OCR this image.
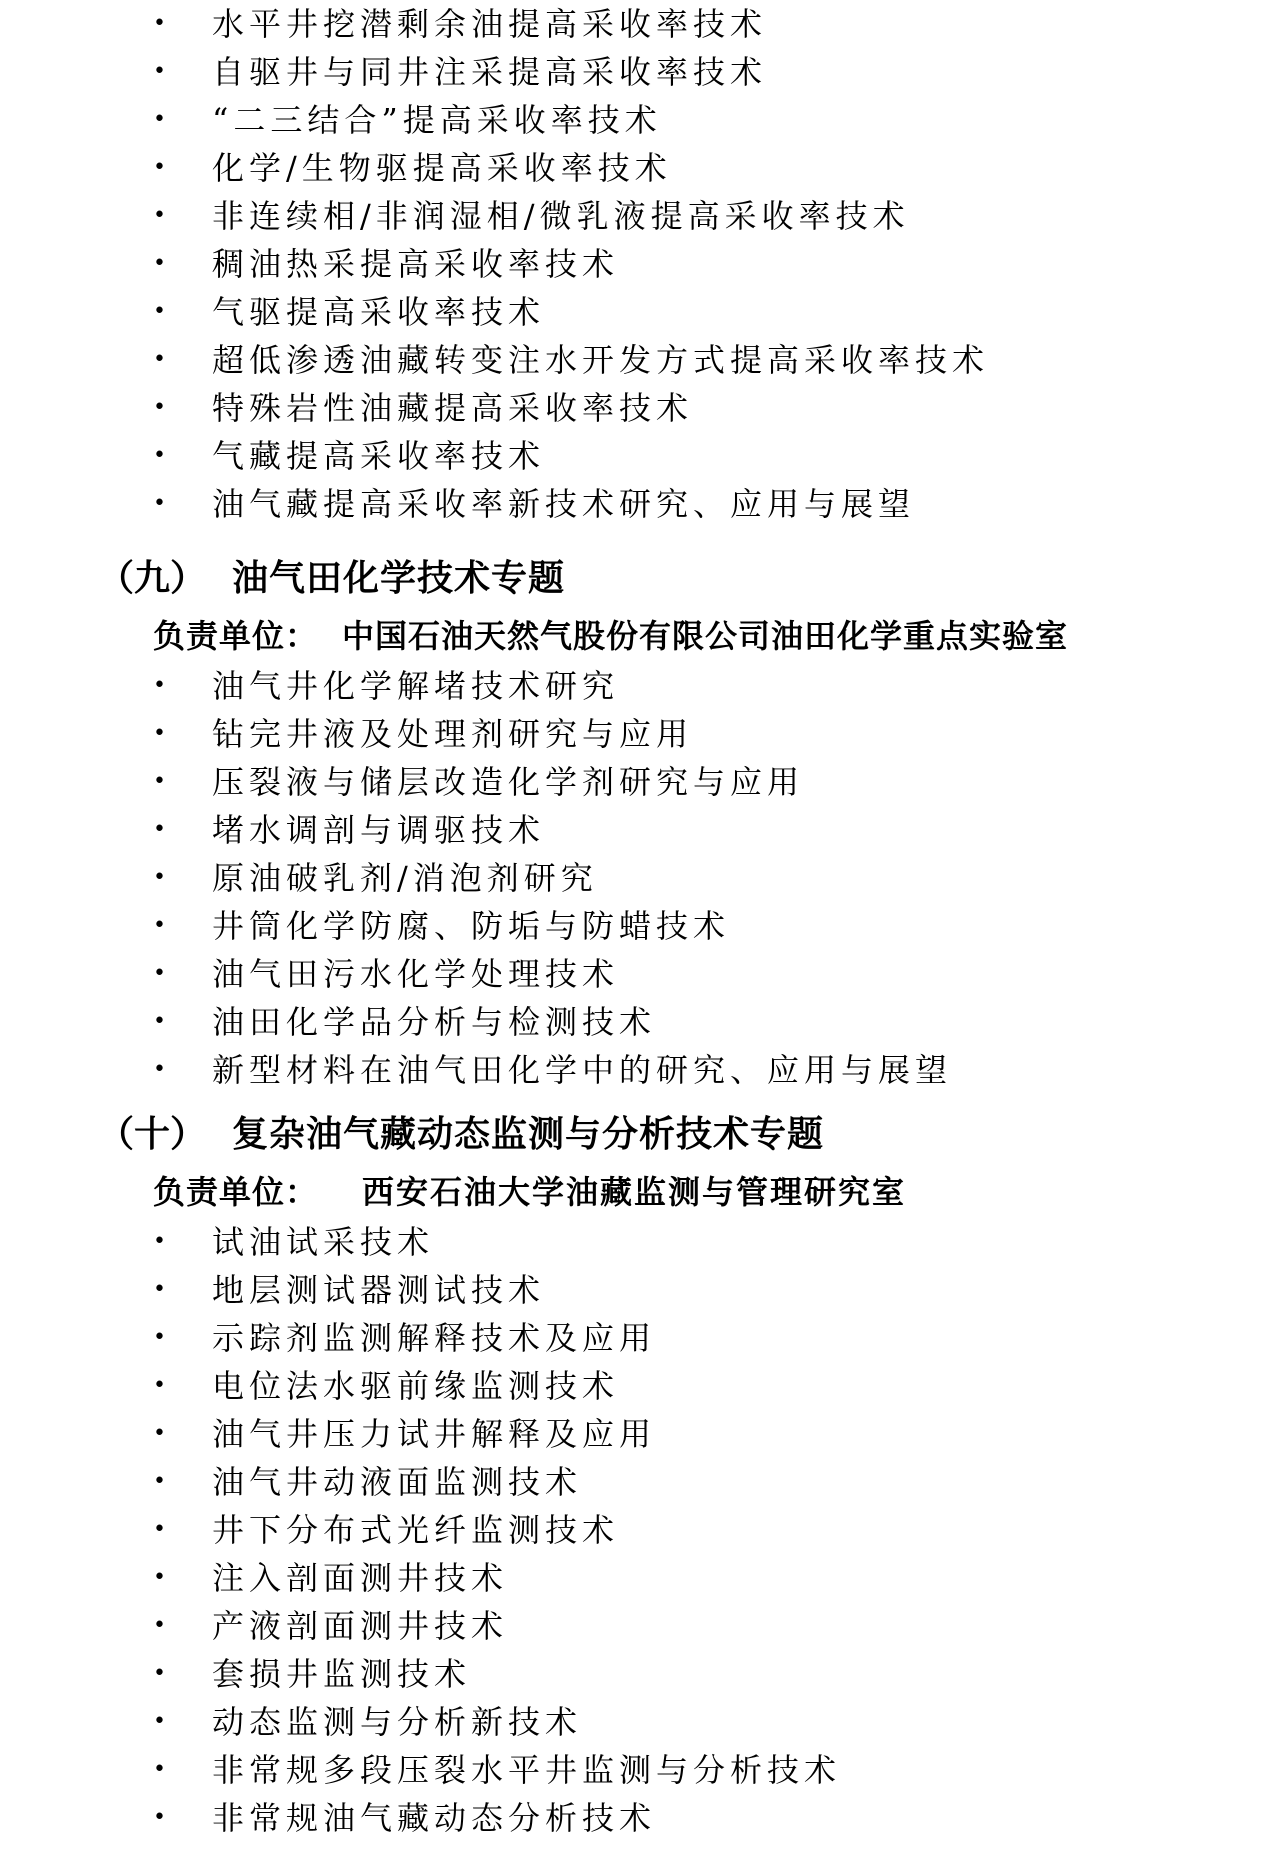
• 水平井挖潜剩余油提高采收率技术
• 自驱井与同井注采提高采收率技术
• “二三结合”提高采收率技术
• 化学/生物驱提高采收率技术
• 非连续相/非润湿相/微乳液提高采收率技术
• 稠油热采提高采收率技术
• 气驱提高采收率技术
• 超低渗透油藏转变注水开发方式提高采收率技术
• 特殊岩性油藏提高采收率技术
• 气藏提高采收率技术
• 油气藏提高采收率新技术研究、应用与展望
（九） 油气田化学技术专题
负责单位： 中国石油天然气股份有限公司油田化学重点实验室
• 油气井化学解堵技术研究
• 钻完井液及处理剂研究与应用
• 压裂液与储层改造化学剂研究与应用
• 堵水调剖与调驱技术
• 原油破乳剂/消泡剂研究
• 井筒化学防腐、防垢与防蜡技术
• 油气田污水化学处理技术
• 油田化学品分析与检测技术
• 新型材料在油气田化学中的研究、应用与展望
（十） 复杂油气藏动态监测与分析技术专题
负责单位： 西安石油大学油藏监测与管理研究室
• 试油试采技术
• 地层测试器测试技术
• 示踪剂监测解释技术及应用
• 电位法水驱前缘监测技术
• 油气井压力试井解释及应用
• 油气井动液面监测技术
• 井下分布式光纤监测技术
• 注入剖面测井技术
• 产液剖面测井技术
• 套损井监测技术
• 动态监测与分析新技术
• 非常规多段压裂水平井监测与分析技术
• 非常规油气藏动态分析技术
